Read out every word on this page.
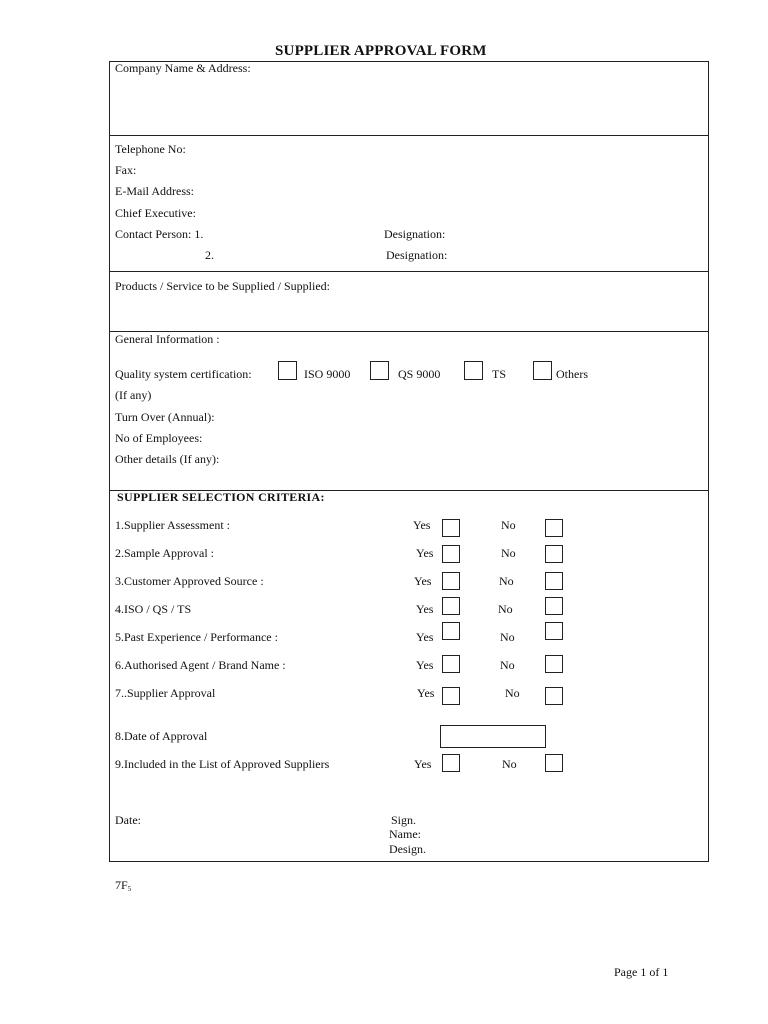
SUPPLIER APPROVAL FORM
Company Name & Address:
Telephone No:
Fax:
E-Mail Address:
Chief Executive:
Contact Person: 1.	Designation:
2.	Designation:
Products / Service to be Supplied / Supplied:
General Information :
Quality system certification:	ISO 9000	QS 9000	TS	Others
(If any)
Turn Over (Annual):
No of Employees:
Other details (If any):
SUPPLIER SELECTION CRITERIA:
1.Supplier Assessment :	Yes	No
2.Sample Approval :	Yes	No
3.Customer Approved Source :	Yes	No
4.ISO / QS / TS	Yes	No
5.Past Experience / Performance :	Yes	No
6.Authorised Agent / Brand Name :	Yes	No
7..Supplier Approval	Yes	No
8.Date of Approval
9.Included in the List of Approved Suppliers	Yes	No
Date:	Sign.
Name:
Design.
$7F_5$
Page 1 of 1
